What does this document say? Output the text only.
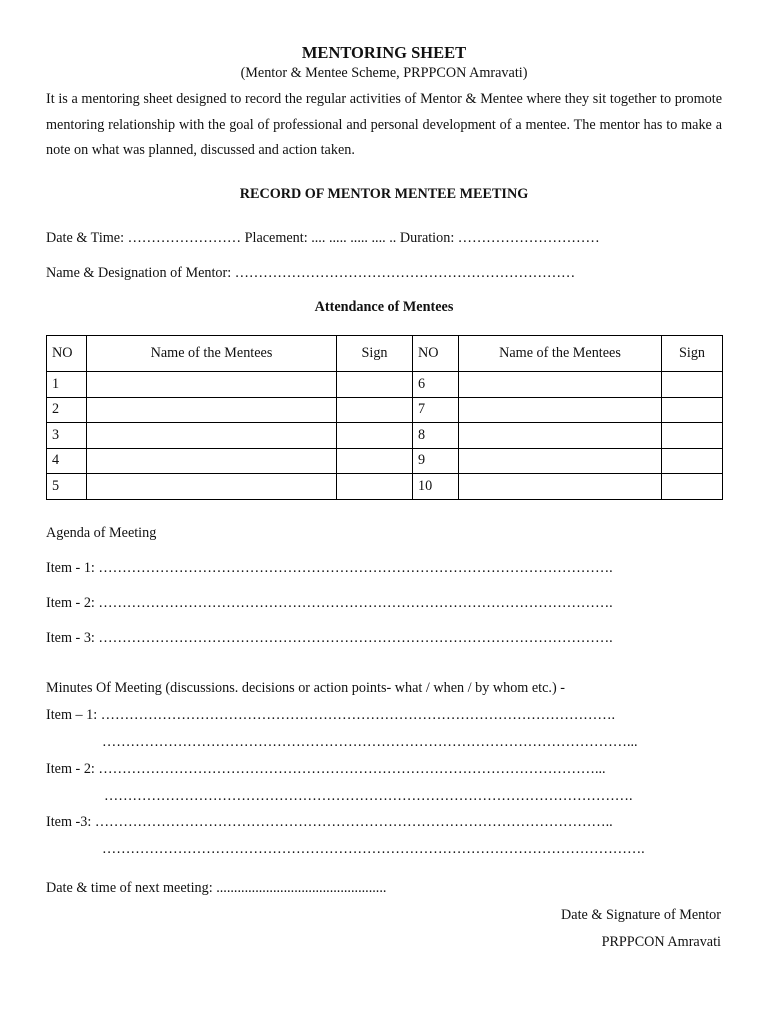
MENTORING SHEET
(Mentor & Mentee Scheme, PRPPCON Amravati)
It is a mentoring sheet designed to record the regular activities of Mentor & Mentee where they sit together to promote mentoring relationship with the goal of professional and personal development of a mentee. The mentor has to make a note on what was planned, discussed and action taken.
RECORD OF MENTOR MENTEE MEETING
Date & Time: …………………… Placement: .... ..... ..... .... .. Duration: …………………………
Name & Designation of Mentor: ………………………………………………………………
Attendance of Mentees
NO	Name of the Mentees	Sign	NO	Name of the Mentees	Sign
1			6		
2			7		
3			8		
4			9		
5			10		
Agenda of Meeting
Item - 1: ……………………………………………………………………………………………….
Item - 2: ……………………………………………………………………………………………….
Item - 3: ……………………………………………………………………………………………….
Minutes Of Meeting (discussions. decisions or action points- what / when / by whom etc.) -
Item – 1: ……………………………………………………………………………………………….
…………………………………………………………………………………………………...
Item - 2: ……………………………………………………………………………………………...
………………………………………………………………………………………………….
Item -3: ………………………………………………………………………………………………..
…………………………………………………………………………………………………….
Date & time of next meeting: ................................................
Date & Signature of Mentor
PRPPCON Amravati
